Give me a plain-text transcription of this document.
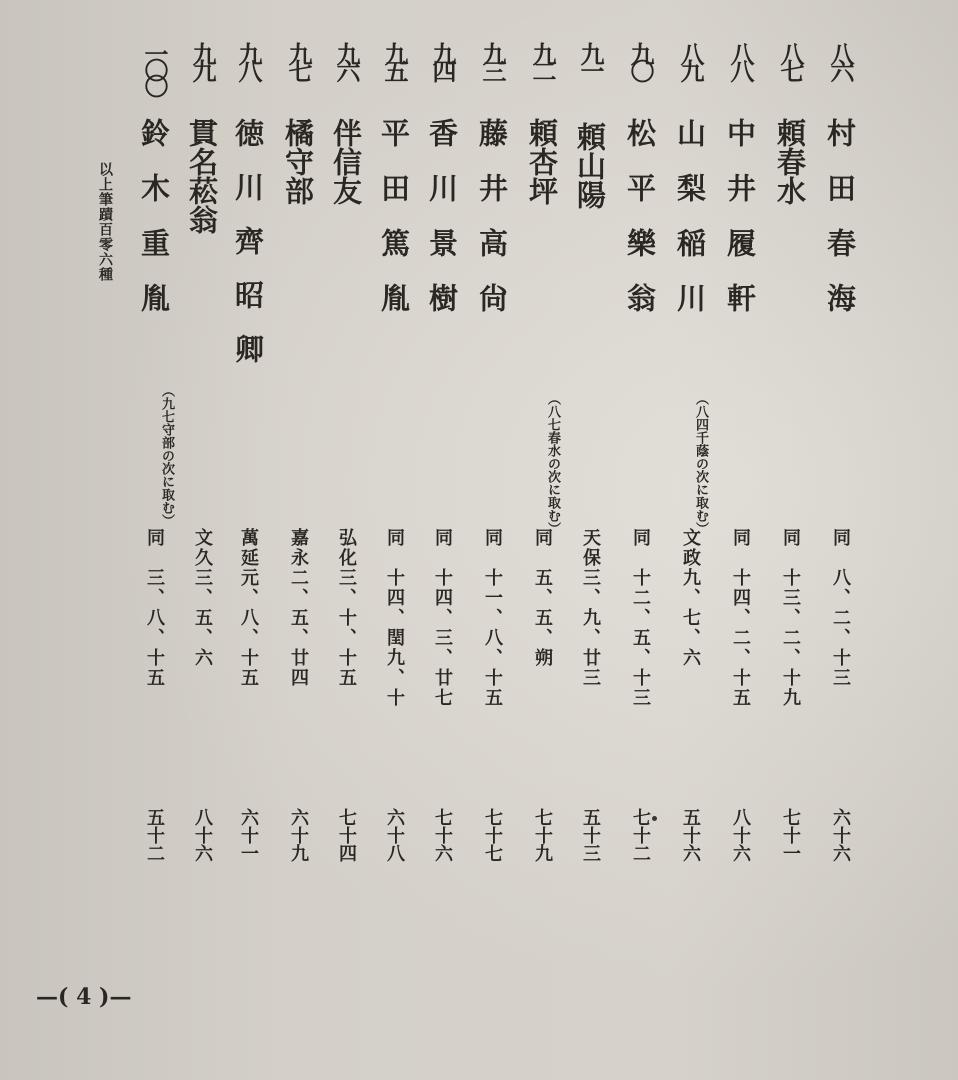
八六
村田春海
同　八、二、十三
六十六
八七
頼春水
同　十三、二、十九
七十一
八八
中井履軒
同　十四、二、十五
八十六
八九
山梨稲川
（八四千蔭の次に取む）
文政九、七、六
五十六
九〇
松平樂翁
同　十二、五、十三
七十二
九一
頼山陽
天保三、九、廿三
五十三
九二
頼杏坪
（八七春水の次に取む）
同　五、五、朔
七十九
九三
藤井高尙
同　十一、八、十五
七十七
九四
香川景樹
同　十四、三、廿七
七十六
九五
平田篤胤
同　十四、閏九、十
六十八
九六
伴信友
弘化三、十、十五
七十四
九七
橘守部
嘉永二、五、廿四
六十九
九八
徳川齊昭卿
萬延元、八、十五
六十一
九九
貫名菘翁
文久三、五、六
八十六
一〇〇
鈴木重胤
（九七守部の次に取む）
同　三、八、十五
五十二
以上筆蹟百零六種
—( 4 )—
